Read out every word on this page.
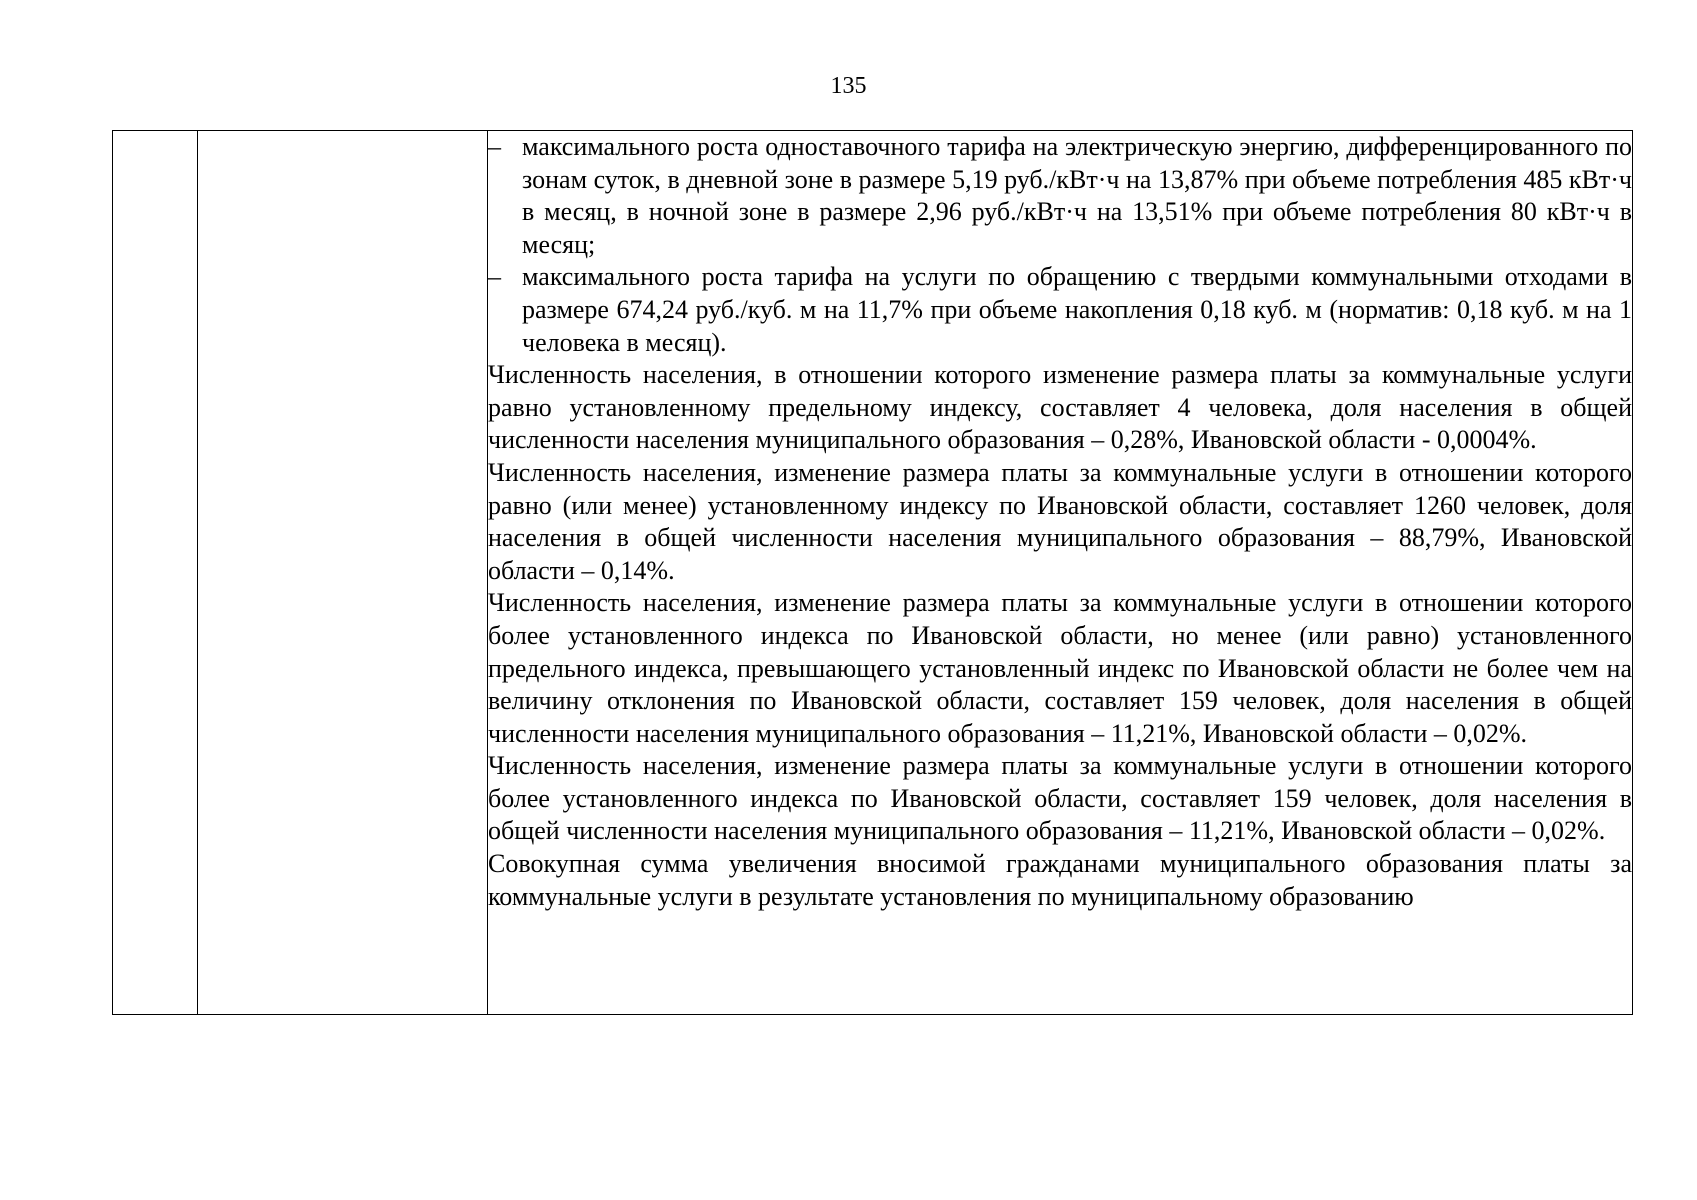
135

– максимального роста одноставочного тарифа на электрическую энергию, дифференцированного по зонам суток, в дневной зоне в размере 5,19 руб./кВт·ч на 13,87% при объеме потребления 485 кВт·ч в месяц, в ночной зоне в размере 2,96 руб./кВт·ч на 13,51% при объеме потребления 80 кВт·ч в месяц;

– максимального роста тарифа на услуги по обращению с твердыми коммунальными отходами в размере 674,24 руб./куб. м на 11,7% при объеме накопления 0,18 куб. м (норматив: 0,18 куб. м на 1 человека в месяц).

Численность населения, в отношении которого изменение размера платы за коммунальные услуги равно установленному предельному индексу, составляет 4 человека, доля населения в общей численности населения муниципального образования – 0,28%, Ивановской области - 0,0004%.

Численность населения, изменение размера платы за коммунальные услуги в отношении которого равно (или менее) установленному индексу по Ивановской области, составляет 1260 человек, доля населения в общей численности населения муниципального образования – 88,79%, Ивановской области – 0,14%.

Численность населения, изменение размера платы за коммунальные услуги в отношении которого более установленного индекса по Ивановской области, но менее (или равно) установленного предельного индекса, превышающего установленный индекс по Ивановской области не более чем на величину отклонения по Ивановской области, составляет 159 человек, доля населения в общей численности населения муниципального образования – 11,21%, Ивановской области – 0,02%.

Численность населения, изменение размера платы за коммунальные услуги в отношении которого более установленного индекса по Ивановской области, составляет 159 человек, доля населения в общей численности населения муниципального образования – 11,21%, Ивановской области – 0,02%.

Совокупная сумма увеличения вносимой гражданами муниципального образования платы за коммунальные услуги в результате установления по муниципальному образованию
